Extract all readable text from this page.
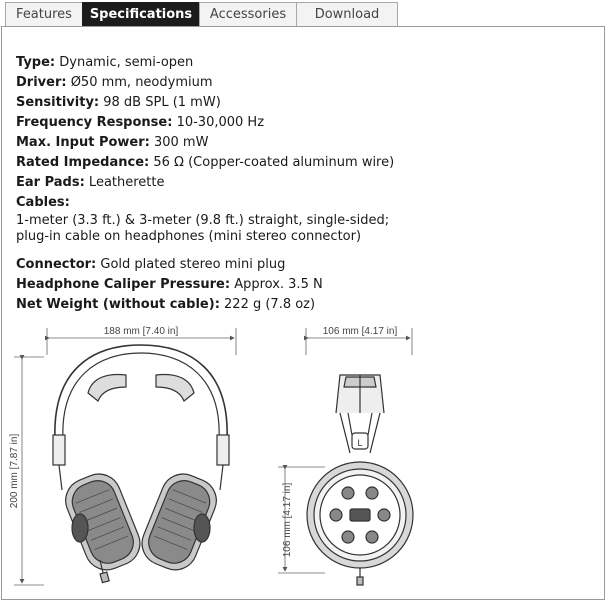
Features	Specifications	Accessories	Download
Type: Dynamic, semi-open
Driver: Ø50 mm, neodymium
Sensitivity: 98 dB SPL (1 mW)
Frequency Response: 10-30,000 Hz
Max. Input Power: 300 mW
Rated Impedance: 56 Ω (Copper-coated aluminum wire)
Ear Pads: Leatherette
Cables:
1-meter (3.3 ft.) & 3-meter (9.8 ft.) straight, single-sided;
plug-in cable on headphones (mini stereo connector)
Connector: Gold plated stereo mini plug
Headphone Caliper Pressure: Approx. 3.5 N
Net Weight (without cable): 222 g (7.8 oz)
188 mm [7.40 in]
200 mm [7.87 in]
106 mm [4.17 in]
106 mm [4.17 in]
L
